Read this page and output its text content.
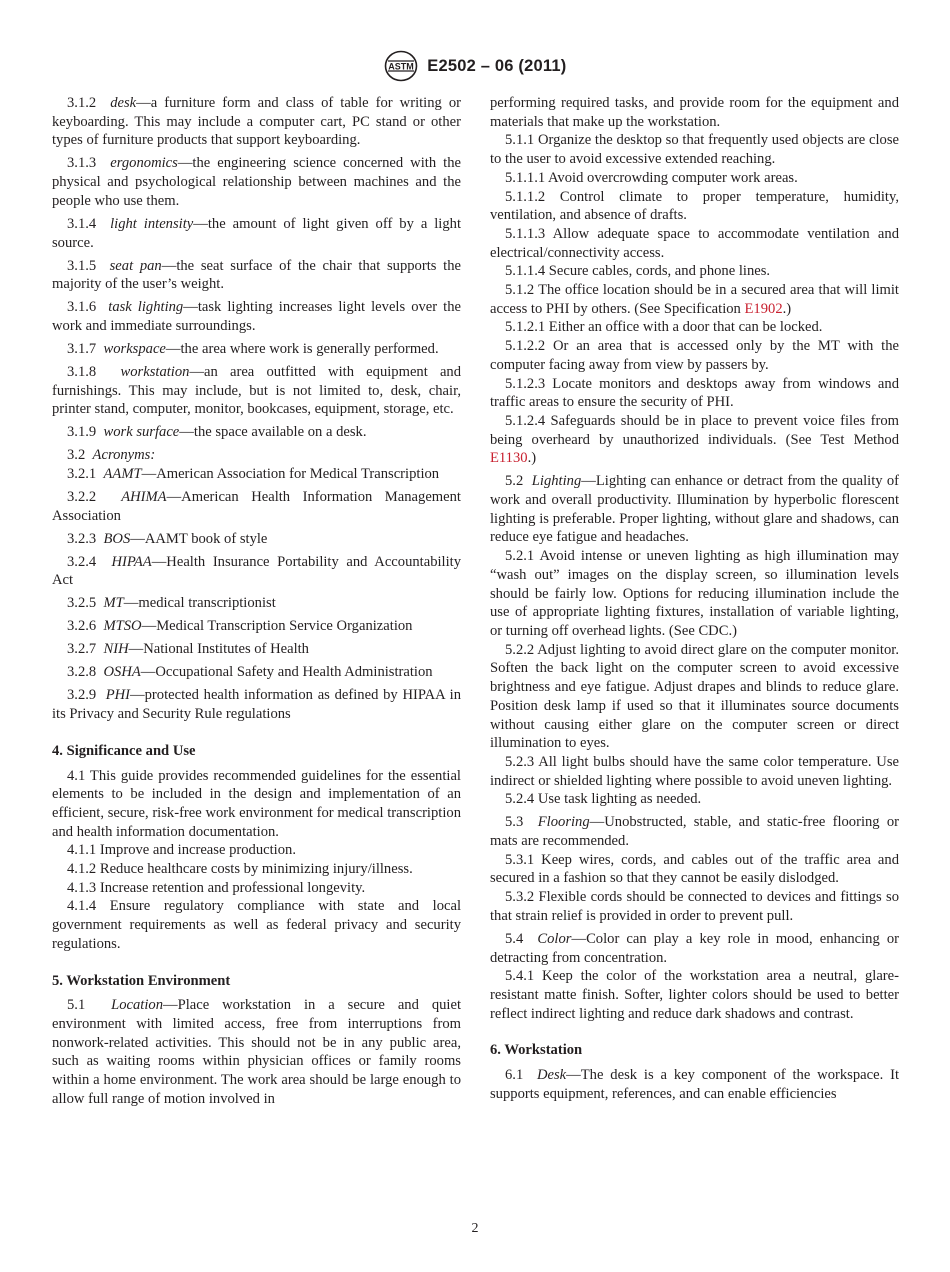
ASTM E2502 – 06 (2011)

3.1.2 desk—a furniture form and class of table for writing or keyboarding. This may include a computer cart, PC stand or other types of furniture products that support keyboarding.

3.1.3 ergonomics—the engineering science concerned with the physical and psychological relationship between machines and the people who use them.

3.1.4 light intensity—the amount of light given off by a light source.

3.1.5 seat pan—the seat surface of the chair that supports the majority of the user’s weight.

3.1.6 task lighting—task lighting increases light levels over the work and immediate surroundings.

3.1.7 workspace—the area where work is generally performed.

3.1.8 workstation—an area outfitted with equipment and furnishings. This may include, but is not limited to, desk, chair, printer stand, computer, monitor, bookcases, equipment, storage, etc.

3.1.9 work surface—the space available on a desk.

3.2 Acronyms:

3.2.1 AAMT—American Association for Medical Transcription

3.2.2 AHIMA—American Health Information Management Association

3.2.3 BOS—AAMT book of style

3.2.4 HIPAA—Health Insurance Portability and Accountability Act

3.2.5 MT—medical transcriptionist

3.2.6 MTSO—Medical Transcription Service Organization

3.2.7 NIH—National Institutes of Health

3.2.8 OSHA—Occupational Safety and Health Administration

3.2.9 PHI—protected health information as defined by HIPAA in its Privacy and Security Rule regulations

4. Significance and Use

4.1 This guide provides recommended guidelines for the essential elements to be included in the design and implementation of an efficient, secure, risk-free work environment for medical transcription and health information documentation.

4.1.1 Improve and increase production.

4.1.2 Reduce healthcare costs by minimizing injury/illness.

4.1.3 Increase retention and professional longevity.

4.1.4 Ensure regulatory compliance with state and local government requirements as well as federal privacy and security regulations.

5. Workstation Environment

5.1 Location—Place workstation in a secure and quiet environment with limited access, free from interruptions from nonwork-related activities. This should not be in any public area, such as waiting rooms within physician offices or family rooms within a home environment. The work area should be large enough to allow full range of motion involved in

performing required tasks, and provide room for the equipment and materials that make up the workstation.

5.1.1 Organize the desktop so that frequently used objects are close to the user to avoid excessive extended reaching.

5.1.1.1 Avoid overcrowding computer work areas.

5.1.1.2 Control climate to proper temperature, humidity, ventilation, and absence of drafts.

5.1.1.3 Allow adequate space to accommodate ventilation and electrical/connectivity access.

5.1.1.4 Secure cables, cords, and phone lines.

5.1.2 The office location should be in a secured area that will limit access to PHI by others. (See Specification E1902.)

5.1.2.1 Either an office with a door that can be locked.

5.1.2.2 Or an area that is accessed only by the MT with the computer facing away from view by passers by.

5.1.2.3 Locate monitors and desktops away from windows and traffic areas to ensure the security of PHI.

5.1.2.4 Safeguards should be in place to prevent voice files from being overheard by unauthorized individuals. (See Test Method E1130.)

5.2 Lighting—Lighting can enhance or detract from the quality of work and overall productivity. Illumination by hyperbolic florescent lighting is preferable. Proper lighting, without glare and shadows, can reduce eye fatigue and headaches.

5.2.1 Avoid intense or uneven lighting as high illumination may “wash out” images on the display screen, so illumination levels should be fairly low. Options for reducing illumination include the use of appropriate lighting fixtures, installation of variable lighting, or turning off overhead lights. (See CDC.)

5.2.2 Adjust lighting to avoid direct glare on the computer monitor. Soften the back light on the computer screen to avoid excessive brightness and eye fatigue. Adjust drapes and blinds to reduce glare. Position desk lamp if used so that it illuminates source documents without causing either glare on the computer screen or direct illumination to eyes.

5.2.3 All light bulbs should have the same color temperature. Use indirect or shielded lighting where possible to avoid uneven lighting.

5.2.4 Use task lighting as needed.

5.3 Flooring—Unobstructed, stable, and static-free flooring or mats are recommended.

5.3.1 Keep wires, cords, and cables out of the traffic area and secured in a fashion so that they cannot be easily dislodged.

5.3.2 Flexible cords should be connected to devices and fittings so that strain relief is provided in order to prevent pull.

5.4 Color—Color can play a key role in mood, enhancing or detracting from concentration.

5.4.1 Keep the color of the workstation area a neutral, glare-resistant matte finish. Softer, lighter colors should be used to better reflect indirect lighting and reduce dark shadows and contrast.

6. Workstation

6.1 Desk—The desk is a key component of the workspace. It supports equipment, references, and can enable efficiencies

2
